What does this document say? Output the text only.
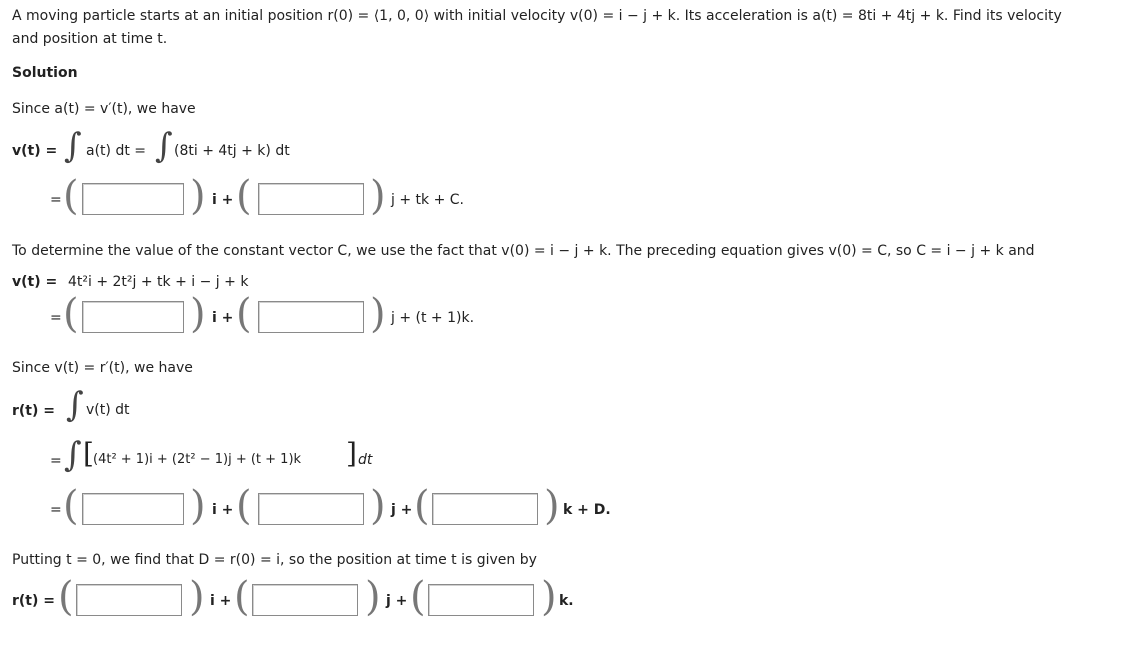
A moving particle starts at an initial position r(0) = ⟨1, 0, 0⟩ with initial velocity v(0) = i − j + k. Its acceleration is a(t) = 8ti + 4tj + k. Find its velocity
and position at time t.
Solution
Since a(t) = v′(t), we have
v(t) = ∫ a(t) dt = ∫ (8ti + 4tj + k) dt
= (	) i + (	) j + tk + C.
To determine the value of the constant vector C, we use the fact that v(0) = i − j + k. The preceding equation gives v(0) = C, so C = i − j + k and
v(t) = 4t²i + 2t²j + tk + i − j + k
= (	) i + (	) j + (t + 1)k.
Since v(t) = r′(t), we have
r(t) = ∫ v(t) dt
= ∫ [ (4t² + 1)i + (2t² − 1)j + (t + 1)k ] dt
= (	) i + (	) j + (	) k + D.
Putting t = 0, we find that D = r(0) = i, so the position at time t is given by
r(t) = (	) i + (	) j + (	) k.
